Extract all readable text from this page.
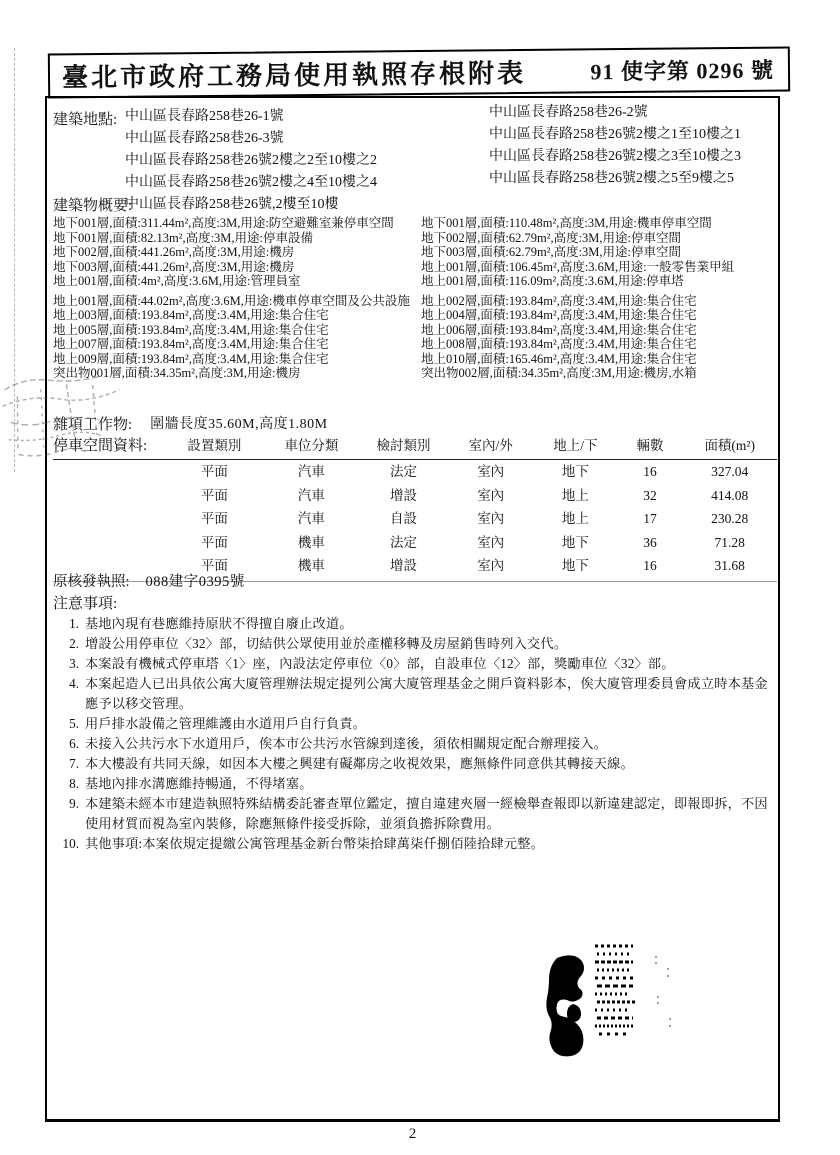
臺北市政府工務局使用執照存根附表	91 使字第 0296 號
建築地點: 中山區長春路258巷26-1號
中山區長春路258巷26-3號
中山區長春路258巷26號2樓之2至10樓之2
中山區長春路258巷26號2樓之4至10樓之4
中山區長春路258巷26號,2樓至10樓
中山區長春路258巷26-2號
中山區長春路258巷26號2樓之1至10樓之1
中山區長春路258巷26號2樓之3至10樓之3
中山區長春路258巷26號2樓之5至9樓之5
建築物概要:
地下001層,面積:311.44m²,高度:3M,用途:防空避難室兼停車空間	地下001層,面積:110.48m²,高度:3M,用途:機車停車空間
地下001層,面積:82.13m²,高度:3M,用途:停車設備	地下002層,面積:62.79m²,高度:3M,用途:停車空間
地下002層,面積:441.26m²,高度:3M,用途:機房	地下003層,面積:62.79m²,高度:3M,用途:停車空間
地下003層,面積:441.26m²,高度:3M,用途:機房	地上001層,面積:106.45m²,高度:3.6M,用途:一般零售業甲組
地上001層,面積:4m²,高度:3.6M,用途:管理員室	地上001層,面積:116.09m²,高度:3.6M,用途:停車塔
地上001層,面積:44.02m²,高度:3.6M,用途:機車停車空間及公共設施 地上002層,面積:193.84m²,高度:3.4M,用途:集合住宅
地上003層,面積:193.84m²,高度:3.4M,用途:集合住宅	地上004層,面積:193.84m²,高度:3.4M,用途:集合住宅
地上005層,面積:193.84m²,高度:3.4M,用途:集合住宅	地上006層,面積:193.84m²,高度:3.4M,用途:集合住宅
地上007層,面積:193.84m²,高度:3.4M,用途:集合住宅	地上008層,面積:193.84m²,高度:3.4M,用途:集合住宅
地上009層,面積:193.84m²,高度:3.4M,用途:集合住宅	地上010層,面積:165.46m²,高度:3.4M,用途:集合住宅
突出物001層,面積:34.35m²,高度:3M,用途:機房	突出物002層,面積:34.35m²,高度:3M,用途:機房,水箱
雜項工作物: 圍牆長度35.60M,高度1.80M
停車空間資料:	設置類別	車位分類	檢討類別	室內/外	地上/下	輛數	面積(m²)
平面	汽車	法定	室內	地下	16	327.04
平面	汽車	增設	室內	地上	32	414.08
平面	汽車	自設	室內	地上	17	230.28
平面	機車	法定	室內	地下	36	71.28
平面	機車	增設	室內	地下	16	31.68
原核發執照: 088建字0395號
注意事項:
1. 基地內現有巷應維持原狀不得擅自廢止改道。
2. 增設公用停車位〈32〉部，切結供公眾使用並於產權移轉及房屋銷售時列入交代。
3. 本案設有機械式停車塔〈1〉座，內設法定停車位〈0〉部，自設車位〈12〉部，獎勵車位〈32〉部。
4. 本案起造人已出具依公寓大廈管理辦法規定提列公寓大廈管理基金之開戶資料影本，俟大廈管理委員會成立時本基金應予以移交管理。
5. 用戶排水設備之管理維護由水道用戶自行負責。
6. 未接入公共污水下水道用戶，俟本市公共污水管線到達後，須依相關規定配合辦理接入。
7. 本大樓設有共同天線，如因本大樓之興建有礙鄰房之收視效果，應無條件同意供其轉接天線。
8. 基地內排水溝應維持暢通，不得堵塞。
9. 本建築未經本市建造執照特殊結構委託審查單位鑑定，擅自違建夾層一經檢舉查報即以新違建認定，即報即拆，不因使用材質而視為室內裝修，除應無條件接受拆除，並須負擔拆除費用。
10. 其他事項:本案依規定提繳公寓管理基金新台幣柒拾肆萬柒仟捌佰陸拾肆元整。
2
